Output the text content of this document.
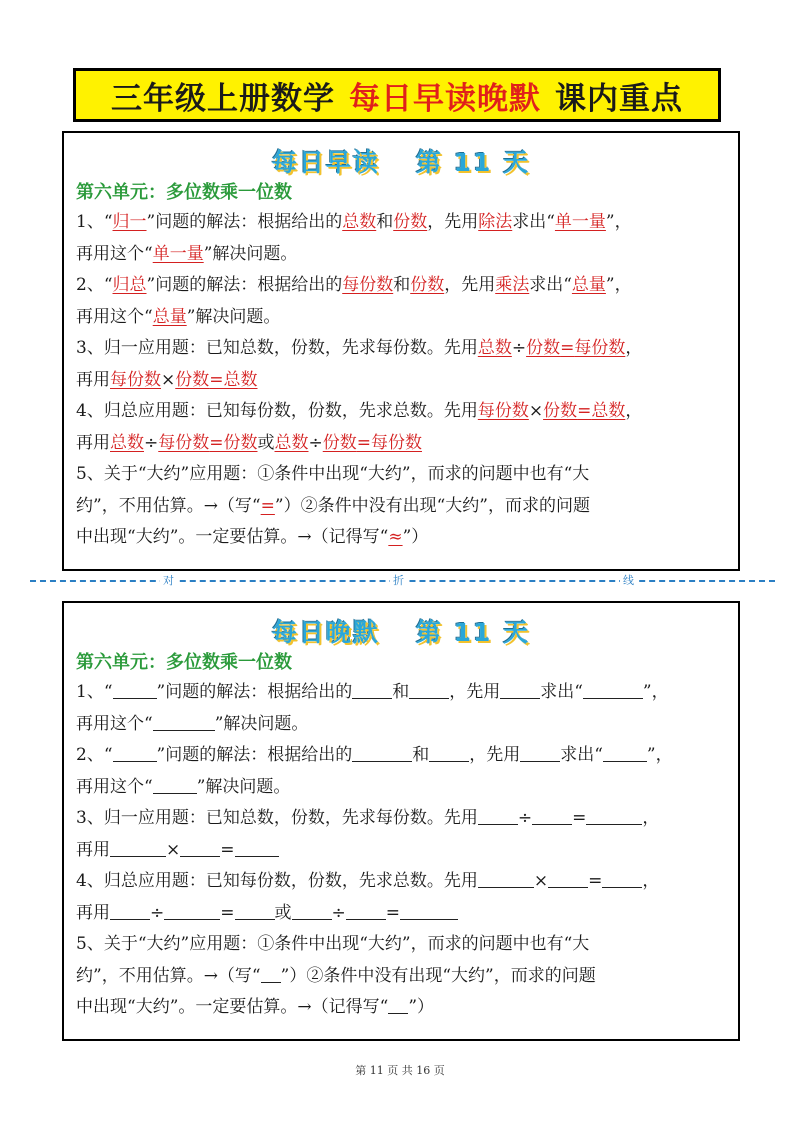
三年级上册数学 每日早读晚默 课内重点
每日早读 第 11 天
第六单元：多位数乘一位数
1、“归一”问题的解法：根据给出的总数和份数，先用除法求出“单一量”，
再用这个“单一量”解决问题。
2、“归总”问题的解法：根据给出的每份数和份数，先用乘法求出“总量”，
再用这个“总量”解决问题。
3、归一应用题：已知总数，份数，先求每份数。先用总数÷份数=每份数，
再用每份数×份数=总数
4、归总应用题：已知每份数，份数，先求总数。先用每份数×份数=总数，
再用总数÷每份数=份数或总数÷份数=每份数
5、关于“大约”应用题：①条件中出现“大约”，而求的问题中也有“大
约”，不用估算。→（写“=”）②条件中没有出现“大约”，而求的问题
中出现“大约”。一定要估算。→（记得写“≈”）
对	折	线
每日晚默 第 11 天
第六单元：多位数乘一位数
1、“	”问题的解法：根据给出的 和 ，先用 求出“	”，
再用这个“	”解决问题。
2、“	”问题的解法：根据给出的	和 ，先用 求出“	”，
再用这个“	”解决问题。
3、归一应用题：已知总数，份数，先求每份数。先用 ÷ =	，
再用	× =
4、归总应用题：已知每份数，份数，先求总数。先用	× = ，
再用 ÷	= 或 ÷ =
5、关于“大约”应用题：①条件中出现“大约”，而求的问题中也有“大
约”，不用估算。→（写“ ”）②条件中没有出现“大约”，而求的问题
中出现“大约”。一定要估算。→（记得写“ ”）
第 11 页 共 16 页
